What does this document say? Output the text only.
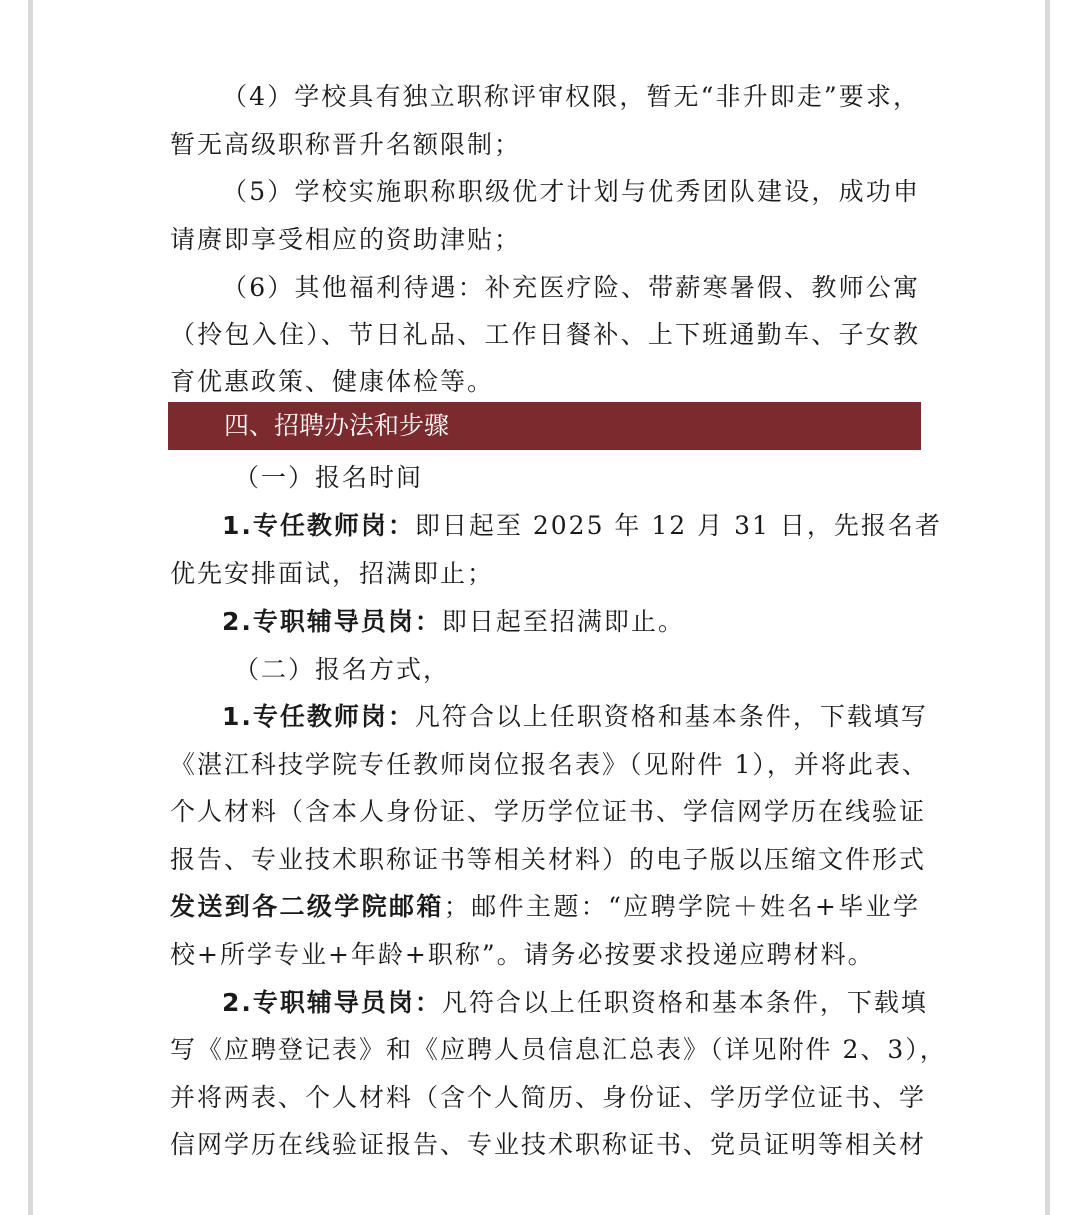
（4）学校具有独立职称评审权限，暂无“非升即走”要求，
暂无高级职称晋升名额限制；
（5）学校实施职称职级优才计划与优秀团队建设，成功申
请赓即享受相应的资助津贴；
（6）其他福利待遇：补充医疗险、带薪寒暑假、教师公寓
（拎包入住）、节日礼品、工作日餐补、上下班通勤车、子女教
育优惠政策、健康体检等。
（一）报名时间
1.专任教师岗：即日起至 2025 年 12 月 31 日，先报名者
优先安排面试，招满即止；
2.专职辅导员岗：即日起至招满即止。
（二）报名方式，
1.专任教师岗：凡符合以上任职资格和基本条件，下载填写
《湛江科技学院专任教师岗位报名表》（见附件 1），并将此表、
个人材料（含本人身份证、学历学位证书、学信网学历在线验证
报告、专业技术职称证书等相关材料）的电子版以压缩文件形式
发送到各二级学院邮箱；邮件主题：“应聘学院＋姓名+毕业学
校+所学专业+年龄+职称”。请务必按要求投递应聘材料。
2.专职辅导员岗：凡符合以上任职资格和基本条件，下载填
写《应聘登记表》和《应聘人员信息汇总表》（详见附件 2、3），
并将两表、个人材料（含个人简历、身份证、学历学位证书、学
信网学历在线验证报告、专业技术职称证书、党员证明等相关材
四、招聘办法和步骤
